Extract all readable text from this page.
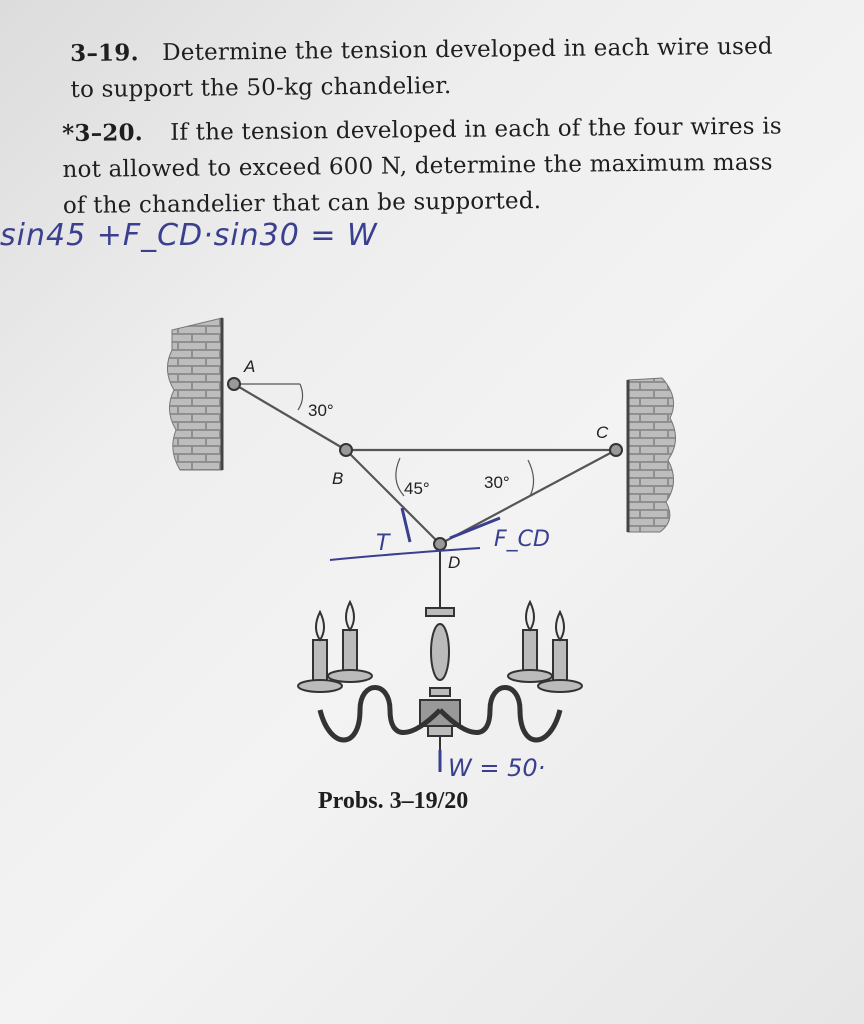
3–19. Determine the tension developed in each wire used
to support the 50-kg chandelier.
*3–20. If the tension developed in each of the four wires is
not allowed to exceed 600 N, determine the maximum mass
of the chandelier that can be supported.
sin45 +F_CD·sin30 = W
A
B
C
D
30°
45°	30°
T	F_CD
W = 50·
Probs. 3–19/20
